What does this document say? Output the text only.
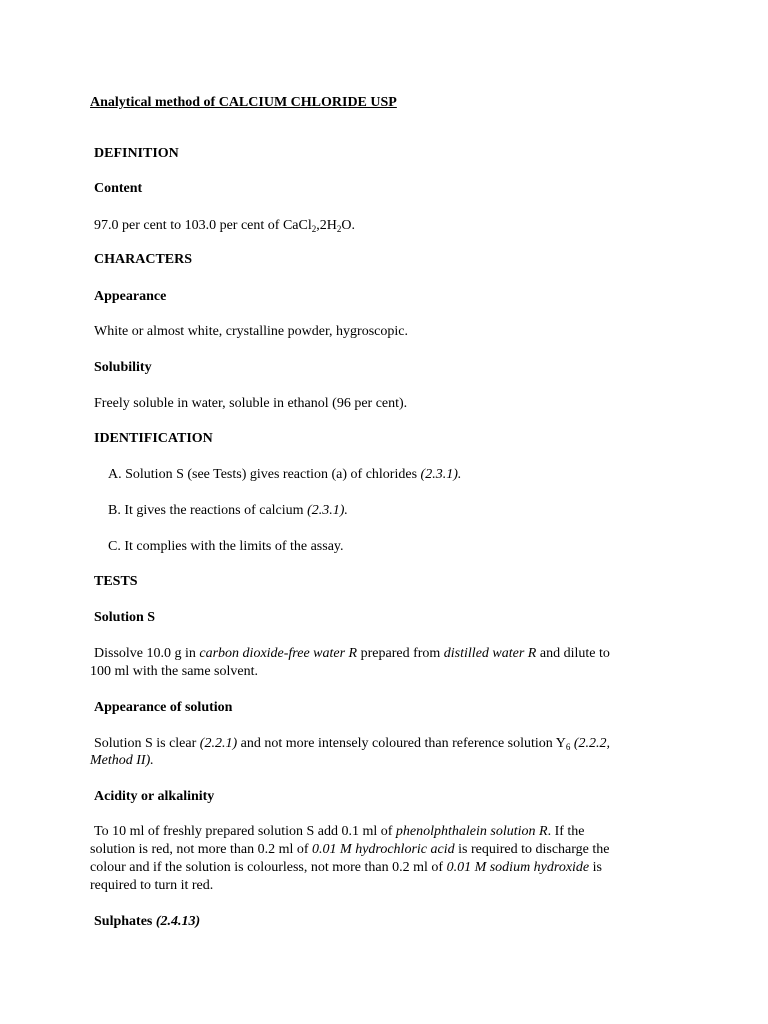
Analytical method of CALCIUM CHLORIDE USP
DEFINITION
Content
97.0 per cent to 103.0 per cent of $CaCl_2,2H_2O$.
CHARACTERS
Appearance
White or almost white, crystalline powder, hygroscopic.
Solubility
Freely soluble in water, soluble in ethanol (96 per cent).
IDENTIFICATION
A. Solution S (see Tests) gives reaction (a) of chlorides (2.3.1).
B. It gives the reactions of calcium (2.3.1).
C. It complies with the limits of the assay.
TESTS
Solution S
Dissolve 10.0 g in carbon dioxide-free water R prepared from distilled water R and dilute to
100 ml with the same solvent.
Appearance of solution
Solution S is clear (2.2.1) and not more intensely coloured than reference solution $Y_6$ (2.2.2,
Method II).
Acidity or alkalinity
To 10 ml of freshly prepared solution S add 0.1 ml of phenolphthalein solution R. If the
solution is red, not more than 0.2 ml of 0.01 M hydrochloric acid is required to discharge the
colour and if the solution is colourless, not more than 0.2 ml of 0.01 M sodium hydroxide is
required to turn it red.
Sulphates (2.4.13)
